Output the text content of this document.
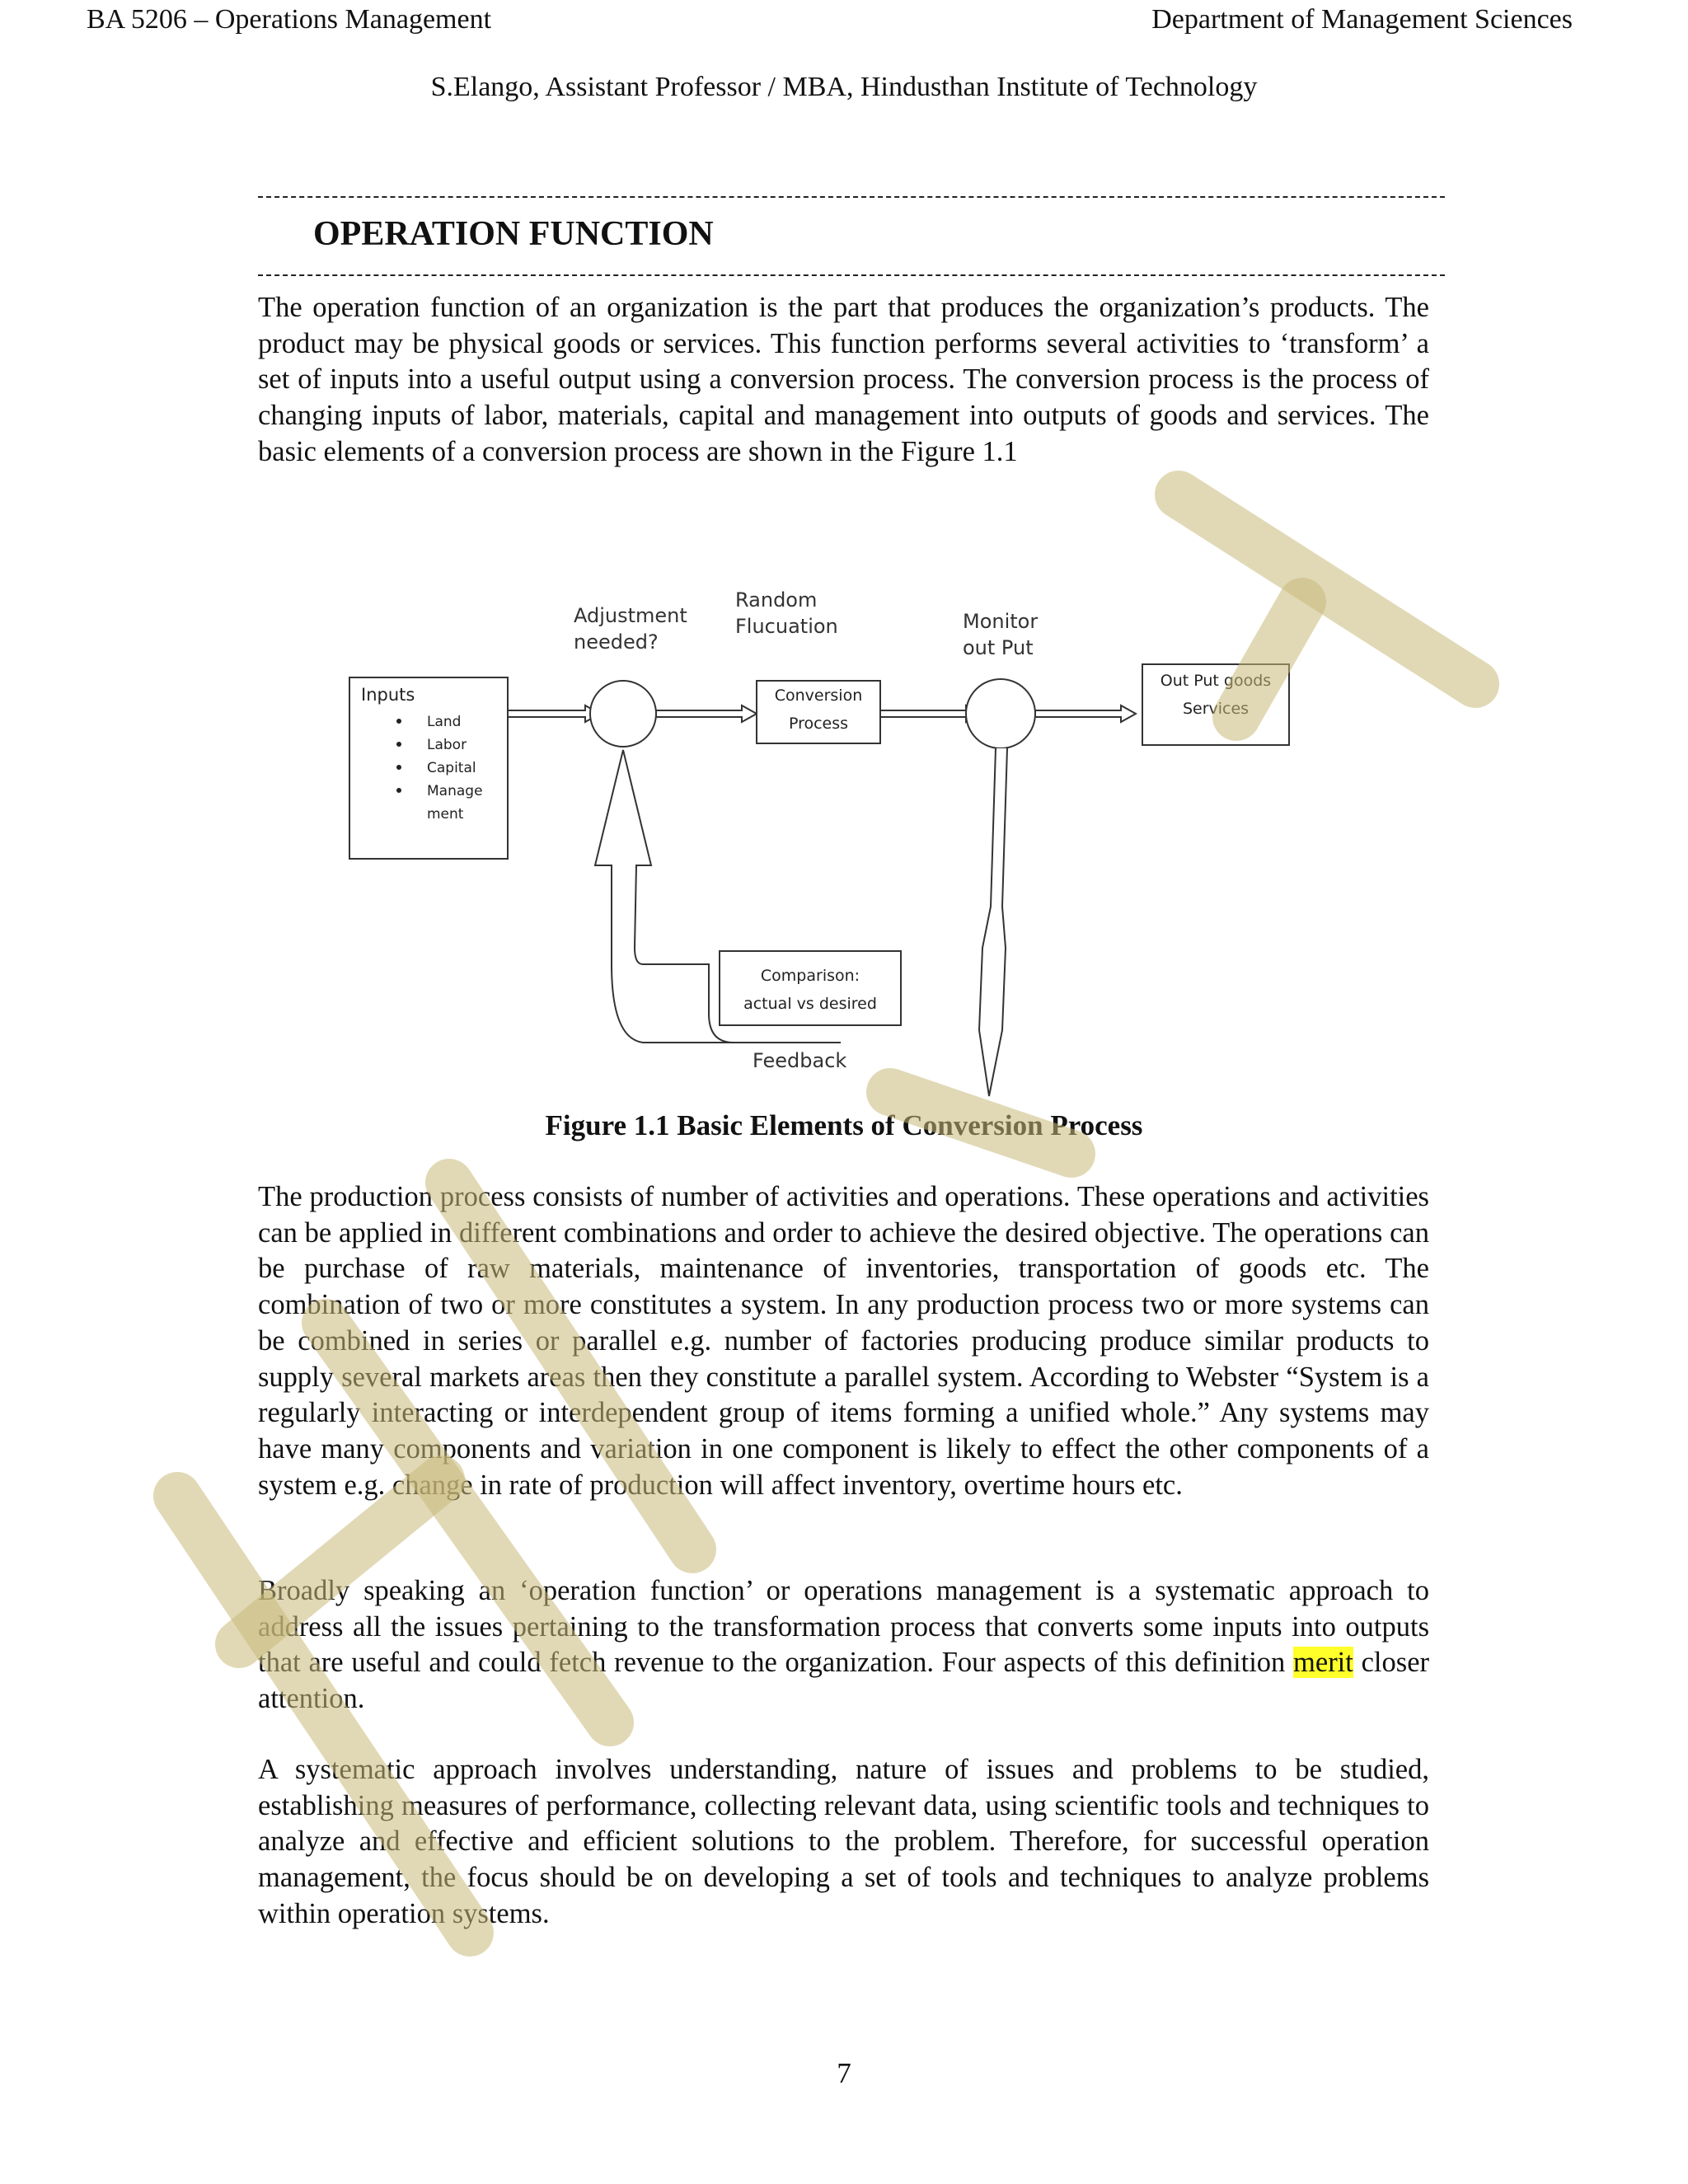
BA 5206 – Operations Management	Department of Management Sciences
S.Elango, Assistant Professor / MBA, Hindusthan Institute of Technology
OPERATION FUNCTION

The operation function of an organization is the part that produces the organization’s products. The product may be physical goods or services. This function performs several activities to ‘transform’ a set of inputs into a useful output using a conversion process. The conversion process is the process of changing inputs of labor, materials, capital and management into outputs of goods and services. The basic elements of a conversion process are shown in the Figure 1.1

Inputs
Land
Labor
Capital
Manage
ment
Adjustment
needed?
Random
Flucuation
Conversion
Process
Monitor
out Put
Out Put goods
Services
Comparison:
actual vs desired
Feedback
Figure 1.1 Basic Elements of Conversion Process

The production process consists of number of activities and operations. These operations and activities can be applied in different combinations and order to achieve the desired objective. The operations can be purchase of raw materials, maintenance of inventories, transportation of goods etc. The combination of two or more constitutes a system. In any production process two or more systems can be combined in series or parallel e.g. number of factories producing produce similar products to supply several markets areas then they constitute a parallel system. According to Webster “System is a regularly interacting or interdependent group of items forming a unified whole.” Any systems may have many components and variation in one component is likely to effect the other components of a system e.g. change in rate of production will affect inventory, overtime hours etc.

Broadly speaking an ‘operation function’ or operations management is a systematic approach to address all the issues pertaining to the transformation process that converts some inputs into outputs that are useful and could fetch revenue to the organization. Four aspects of this definition merit closer attention.

A systematic approach involves understanding, nature of issues and problems to be studied, establishing measures of performance, collecting relevant data, using scientific tools and techniques to analyze and effective and efficient solutions to the problem. Therefore, for successful operation management, the focus should be on developing a set of tools and techniques to analyze problems within operation systems.

7
